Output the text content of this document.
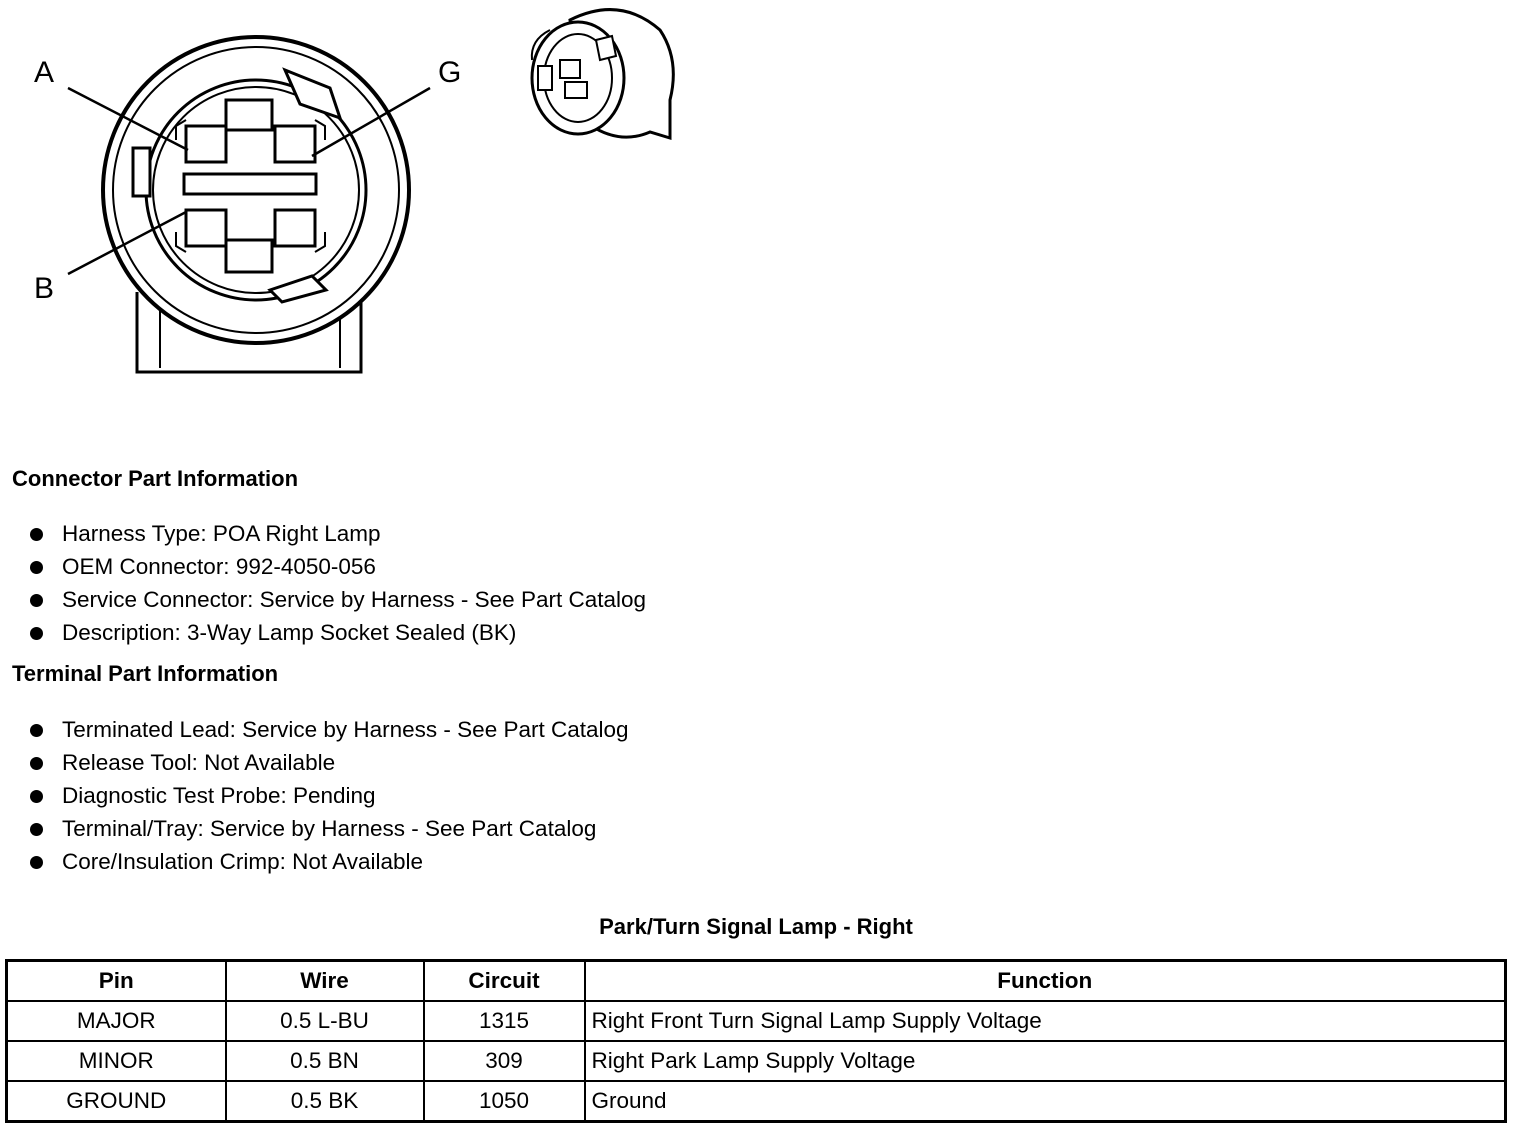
A	G
B
Connector Part Information
Harness Type: POA Right Lamp
OEM Connector: 992-4050-056
Service Connector: Service by Harness - See Part Catalog
Description: 3-Way Lamp Socket Sealed (BK)
Terminal Part Information
Terminated Lead: Service by Harness - See Part Catalog
Release Tool: Not Available
Diagnostic Test Probe: Pending
Terminal/Tray: Service by Harness - See Part Catalog
Core/Insulation Crimp: Not Available
Park/Turn Signal Lamp - Right
Pin	Wire	Circuit	Function
MAJOR	0.5 L-BU	1315	Right Front Turn Signal Lamp Supply Voltage
MINOR	0.5 BN	309	Right Park Lamp Supply Voltage
GROUND	0.5 BK	1050	Ground
